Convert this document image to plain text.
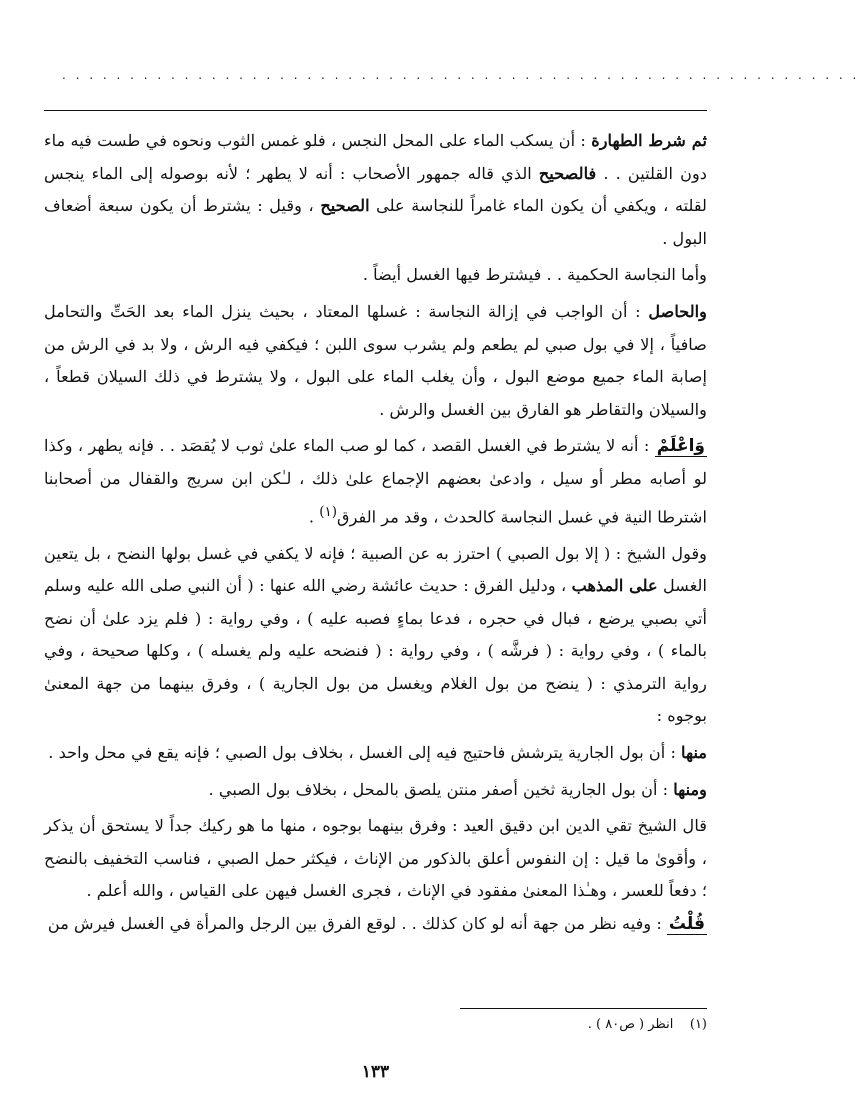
. . . . . . . . . . . . . . . . . . . . . . . . . . . . . . . . . . . . . . . . . . . . . . . . . . . . . . . . . . .

ثم شرط الطهارة : أن يسكب الماء على المحل النجس ، فلو غمس الثوب ونحوه في طست فيه ماء دون القلتين . . فالصحيح الذي قاله جمهور الأصحاب : أنه لا يطهر ؛ لأنه بوصوله إلى الماء ينجس لقلته ، ويكفي أن يكون الماء غامراً للنجاسة على الصحيح ، وقيل : يشترط أن يكون سبعة أضعاف البول .

وأما النجاسة الحكمية . . فيشترط فيها الغسل أيضاً .

والحاصل : أن الواجب في إزالة النجاسة : غسلها المعتاد ، بحيث ينزل الماء بعد الحَتِّ والتحامل صافياً ، إلا في بول صبي لم يطعم ولم يشرب سوى اللبن ؛ فيكفي فيه الرش ، ولا بد في الرش من إصابة الماء جميع موضع البول ، وأن يغلب الماء على البول ، ولا يشترط في ذلك السيلان قطعاً ، والسيلان والتقاطر هو الفارق بين الغسل والرش .

وَاعْلَمْ : أنه لا يشترط في الغسل القصد ، كما لو صب الماء علىٰ ثوب لا يُقصَد . . فإنه يطهر ، وكذا لو أصابه مطر أو سيل ، وادعىٰ بعضهم الإجماع علىٰ ذلك ، لـٰكن ابن سريج والقفال من أصحابنا اشترطا النية في غسل النجاسة كالحدث ، وقد مر الفرق$^{(١)}$ .

وقول الشيخ : ( إلا بول الصبي ) احترز به عن الصبية ؛ فإنه لا يكفي في غسل بولها النضح ، بل يتعين الغسل على المذهب ، ودليل الفرق : حديث عائشة رضي الله عنها : ( أن النبي صلى الله عليه وسلم أتي بصبي يرضع ، فبال في حجره ، فدعا بماءٍ فصبه عليه ) ، وفي رواية : ( فلم يزد علىٰ أن نضح بالماء ) ، وفي رواية : ( فرشَّه ) ، وفي رواية : ( فنضحه عليه ولم يغسله ) ، وكلها صحيحة ، وفي رواية الترمذي : ( ينضح من بول الغلام ويغسل من بول الجارية ) ، وفرق بينهما من جهة المعنىٰ بوجوه :

منها : أن بول الجارية يترشش فاحتيج فيه إلى الغسل ، بخلاف بول الصبي ؛ فإنه يقع في محل واحد .

ومنها : أن بول الجارية ثخين أصفر منتن يلصق بالمحل ، بخلاف بول الصبي .

قال الشيخ تقي الدين ابن دقيق العيد : وفرق بينهما بوجوه ، منها ما هو ركيك جداً لا يستحق أن يذكر ، وأقوىٰ ما قيل : إن النفوس أعلق بالذكور من الإناث ، فيكثر حمل الصبي ، فناسب التخفيف بالنضح ؛ دفعاً للعسر ، وهـٰذا المعنىٰ مفقود في الإناث ، فجرى الغسل فيهن على القياس ، والله أعلم .

قُلْتُ : وفيه نظر من جهة أنه لو كان كذلك . . لوقع الفرق بين الرجل والمرأة في الغسل فيرش من

(١)    انظر ( ص٨٠ ) .
١٣٣
